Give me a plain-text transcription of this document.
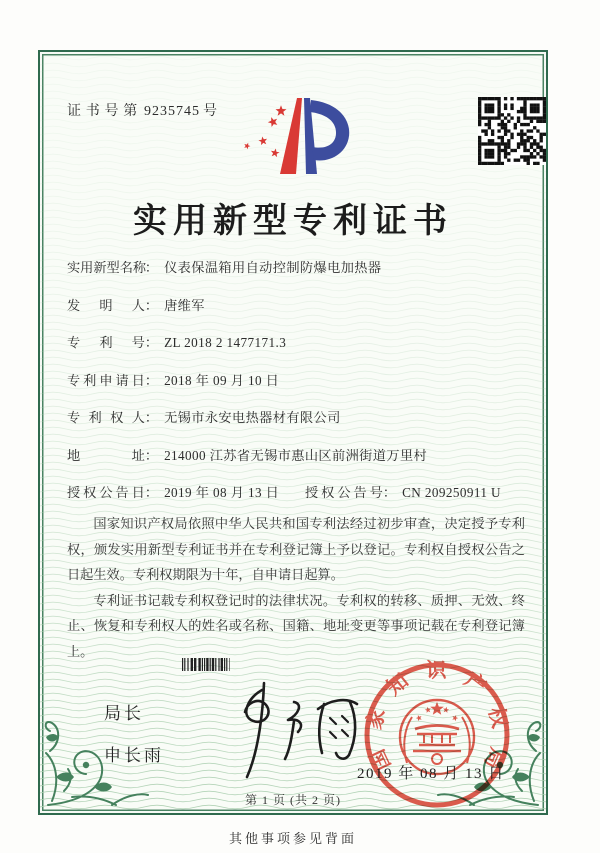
证书号第 9235745 号
实用新型专利证书
实用新型名称
： 仪表保温箱用自动控制防爆电加热器
发明人 ： 唐维军
专利号 ： ZL 2018 2 1477171.3
专利申请日 ： 2018 年 09 月 10 日
专利权人 ： 无锡市永安电热器材有限公司
地址 ： 214000 江苏省无锡市惠山区前洲街道万里村
授权公告日 ： 2019 年 08 月 13 日 授权公告号： CN 209250911 U

国家知识产权局依照中华人民共和国专利法经过初步审查，决定授予专利权，颁发实用新型专利证书并在专利登记簿上予以登记。专利权自授权公告之日起生效。专利权期限为十年，自申请日起算。

专利证书记载专利权登记时的法律状况。专利权的转移、质押、无效、终止、恢复和专利权人的姓名或名称、国籍、地址变更等事项记载在专利登记簿上。

局长
申长雨	国家知识产权局
2019 年 08 月 13 日
第 1 页 (共 2 页)
其他事项参见背面
